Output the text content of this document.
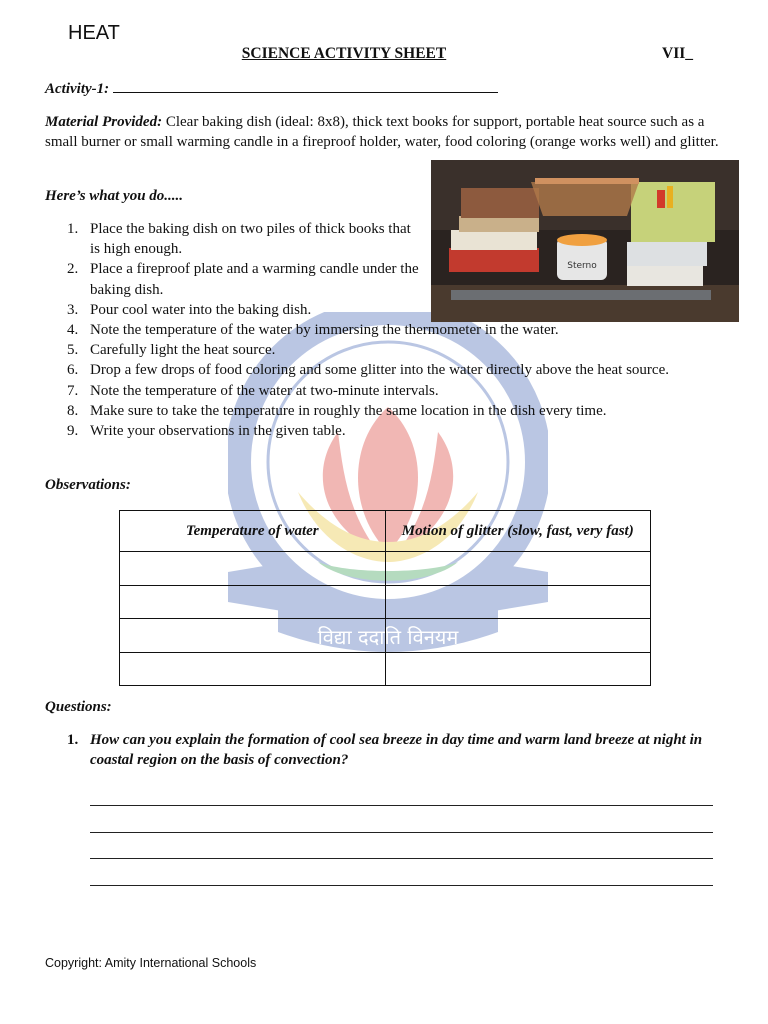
विद्या ददाति विनयम्
HEAT
SCIENCE ACTIVITY SHEET	VII_
Activity-1:
Material Provided: Clear baking dish (ideal: 8x8), thick text books for support, portable heat source such as a small burner or small warming candle in a fireproof holder, water, food coloring (orange works well) and glitter.
Here’s what you do.....
Sterno
1. Place the baking dish on two piles of thick books that is high enough.
2. Place a fireproof plate and a warming candle under the baking dish.
3. Pour cool water into the baking dish.
4. Note the temperature of the water by immersing the thermometer in the water.
5. Carefully light the heat source.
6. Drop a few drops of food coloring and some glitter into the water directly above the heat source.
7. Note the temperature of the water at two-minute intervals.
8. Make sure to take the temperature in roughly the same location in the dish every time.
9. Write your observations in the given table.
Observations:
Temperature of water	Motion of glitter (slow, fast, very fast)

Questions:
1. How can you explain the formation of cool sea breeze in day time and warm land breeze at night in coastal region on the basis of convection?
Copyright: Amity International Schools
